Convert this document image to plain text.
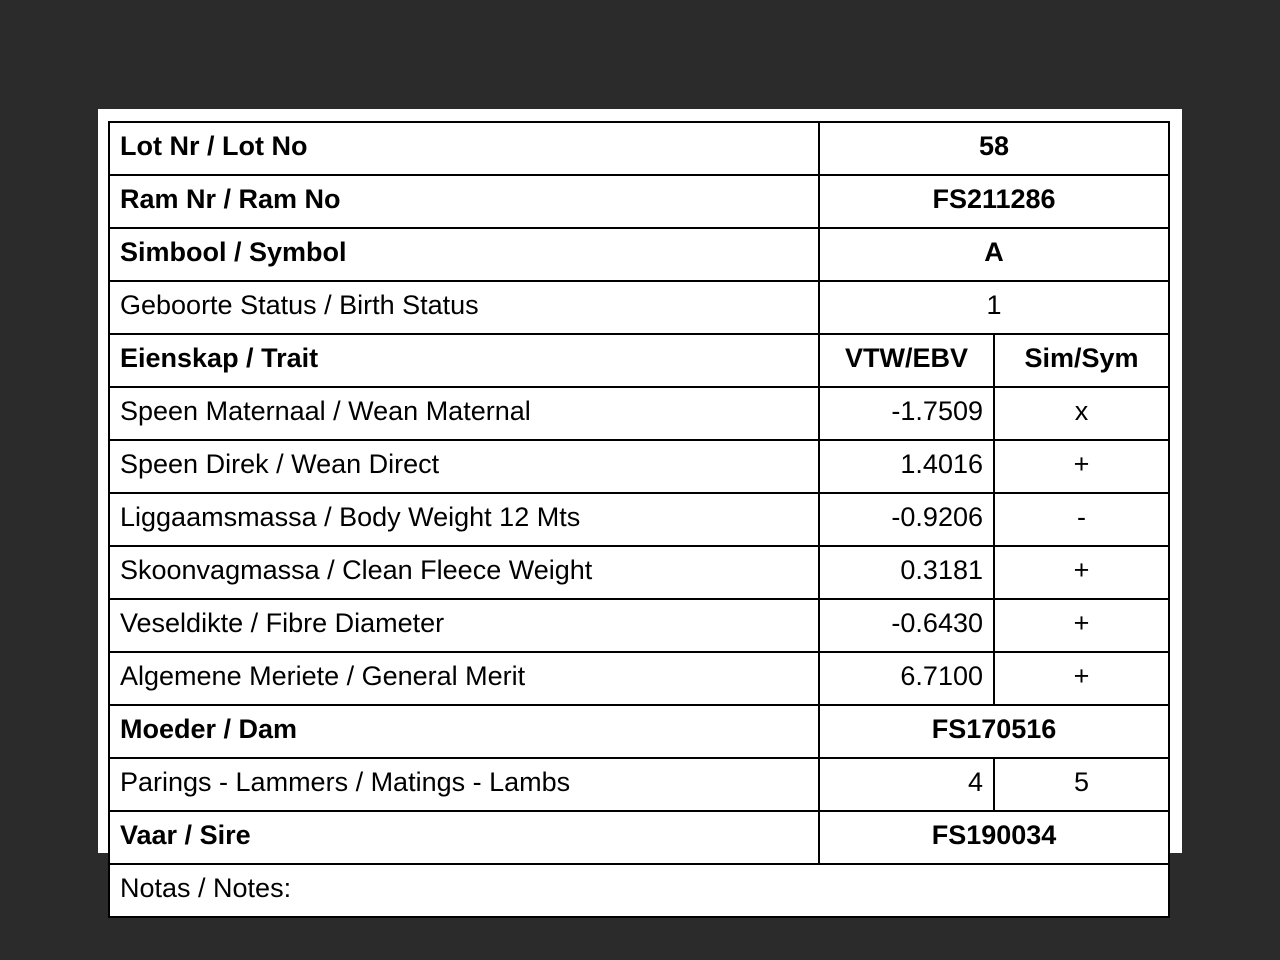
Lot Nr / Lot No	58	
Ram Nr / Ram No	FS211286	
Simbool / Symbol	A	
Geboorte Status / Birth Status	1	
Eienskap / Trait	VTW/EBV	Sim/Sym
Speen Maternaal / Wean Maternal	-1.7509	x
Speen Direk / Wean Direct	1.4016	+
Liggaamsmassa / Body Weight 12 Mts	-0.9206	-
Skoonvagmassa / Clean Fleece Weight	0.3181	+
Veseldikte / Fibre Diameter	-0.6430	+
Algemene Meriete / General Merit	6.7100	+
Moeder / Dam	FS170516	
Parings - Lammers / Matings - Lambs	4	5
Vaar / Sire	FS190034	
Notas / Notes:		
